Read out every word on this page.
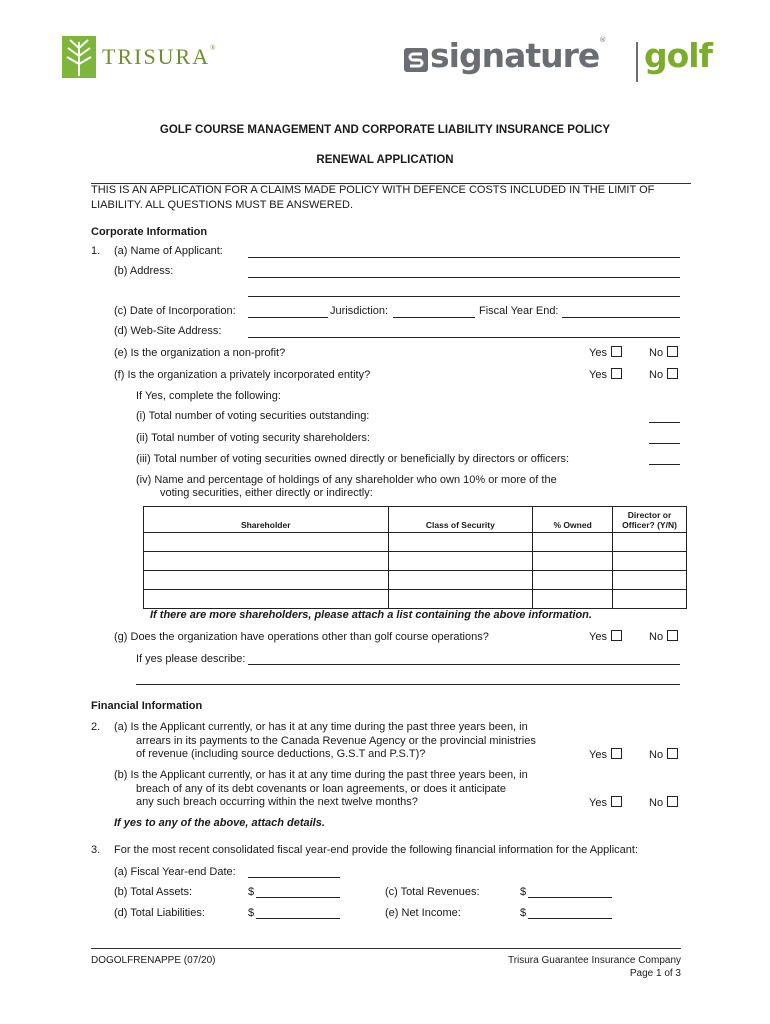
TRISURA®	signature® golf
GOLF COURSE MANAGEMENT AND CORPORATE LIABILITY INSURANCE POLICY
RENEWAL APPLICATION
THIS IS AN APPLICATION FOR A CLAIMS MADE POLICY WITH DEFENCE COSTS INCLUDED IN THE LIMIT OF
LIABILITY. ALL QUESTIONS MUST BE ANSWERED.
Corporate Information
1. (a) Name of Applicant:
(b) Address:
(c) Date of Incorporation:	Jurisdiction:	Fiscal Year End:
(d) Web-Site Address:
(e) Is the organization a non-profit?	Yes	No
(f) Is the organization a privately incorporated entity?	Yes	No
If Yes, complete the following:
(i) Total number of voting securities outstanding:
(ii) Total number of voting security shareholders:
(iii) Total number of voting securities owned directly or beneficially by directors or officers:
(iv) Name and percentage of holdings of any shareholder who own 10% or more of the
voting securities, either directly or indirectly:
Shareholder	Class of Security	% Owned	Director or Officer? (Y/N)

If there are more shareholders, please attach a list containing the above information.
(g) Does the organization have operations other than golf course operations?	Yes	No
If yes please describe:
Financial Information
2. (a) Is the Applicant currently, or has it at any time during the past three years been, in
arrears in its payments to the Canada Revenue Agency or the provincial ministries
of revenue (including source deductions, G.S.T and P.S.T)?	Yes	No
(b) Is the Applicant currently, or has it at any time during the past three years been, in
breach of any of its debt covenants or loan agreements, or does it anticipate
any such breach occurring within the next twelve months?	Yes	No
If yes to any of the above, attach details.
3. For the most recent consolidated fiscal year-end provide the following financial information for the Applicant:
(a) Fiscal Year-end Date:
(b) Total Assets:	$	(c) Total Revenues:	$
(d) Total Liabilities:	$	(e) Net Income:	$
DOGOLFRENAPPE (07/20)	Trisura Guarantee Insurance Company
Page 1 of 3
